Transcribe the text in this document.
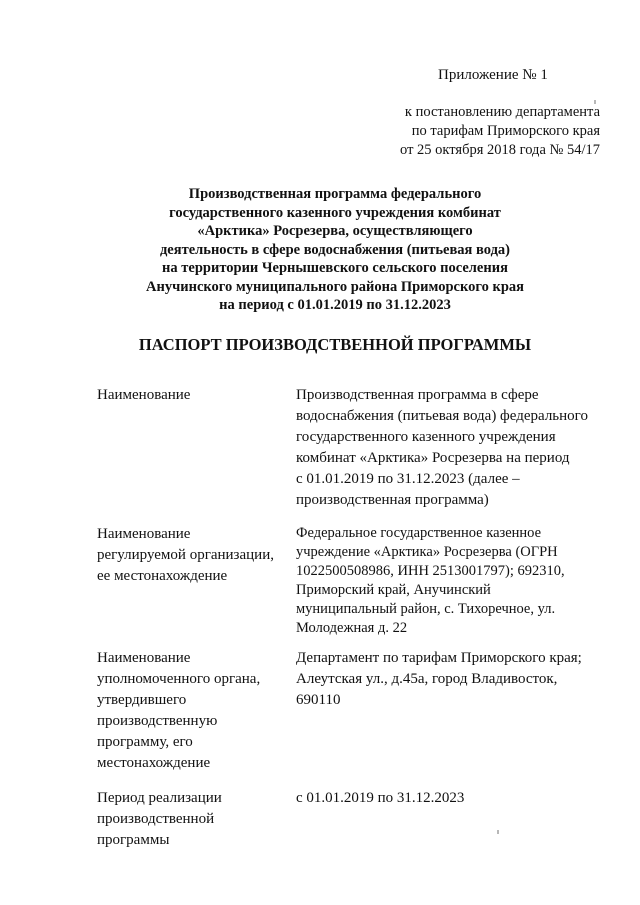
Приложение № 1
к постановлению департамента
по тарифам Приморского края
от 25 октября 2018 года № 54/17
Производственная программа федерального
государственного казенного учреждения комбинат
«Арктика» Росрезерва, осуществляющего
деятельность в сфере водоснабжения (питьевая вода)
на территории Чернышевского сельского поселения
Анучинского муниципального района Приморского края
на период с 01.01.2019 по 31.12.2023
ПАСПОРТ ПРОИЗВОДСТВЕННОЙ ПРОГРАММЫ
Наименование	Производственная программа в сфере
водоснабжения (питьевая вода) федерального
государственного казенного учреждения
комбинат «Арктика» Росрезерва на период
с 01.01.2019 по 31.12.2023 (далее –
производственная программа)
Наименование
регулируемой организации,
ее местонахождение
Федеральное государственное казенное
учреждение «Арктика» Росрезерва (ОГРН
1022500508986, ИНН 2513001797); 692310,
Приморский край, Анучинский
муниципальный район, с. Тихоречное, ул.
Молодежная д. 22
Наименование
уполномоченного органа,
утвердившего
производственную
программу, его
местонахождение
Департамент по тарифам Приморского края;
Алеутская ул., д.45а, город Владивосток,
690110
Период реализации
производственной
программы
с 01.01.2019 по 31.12.2023
